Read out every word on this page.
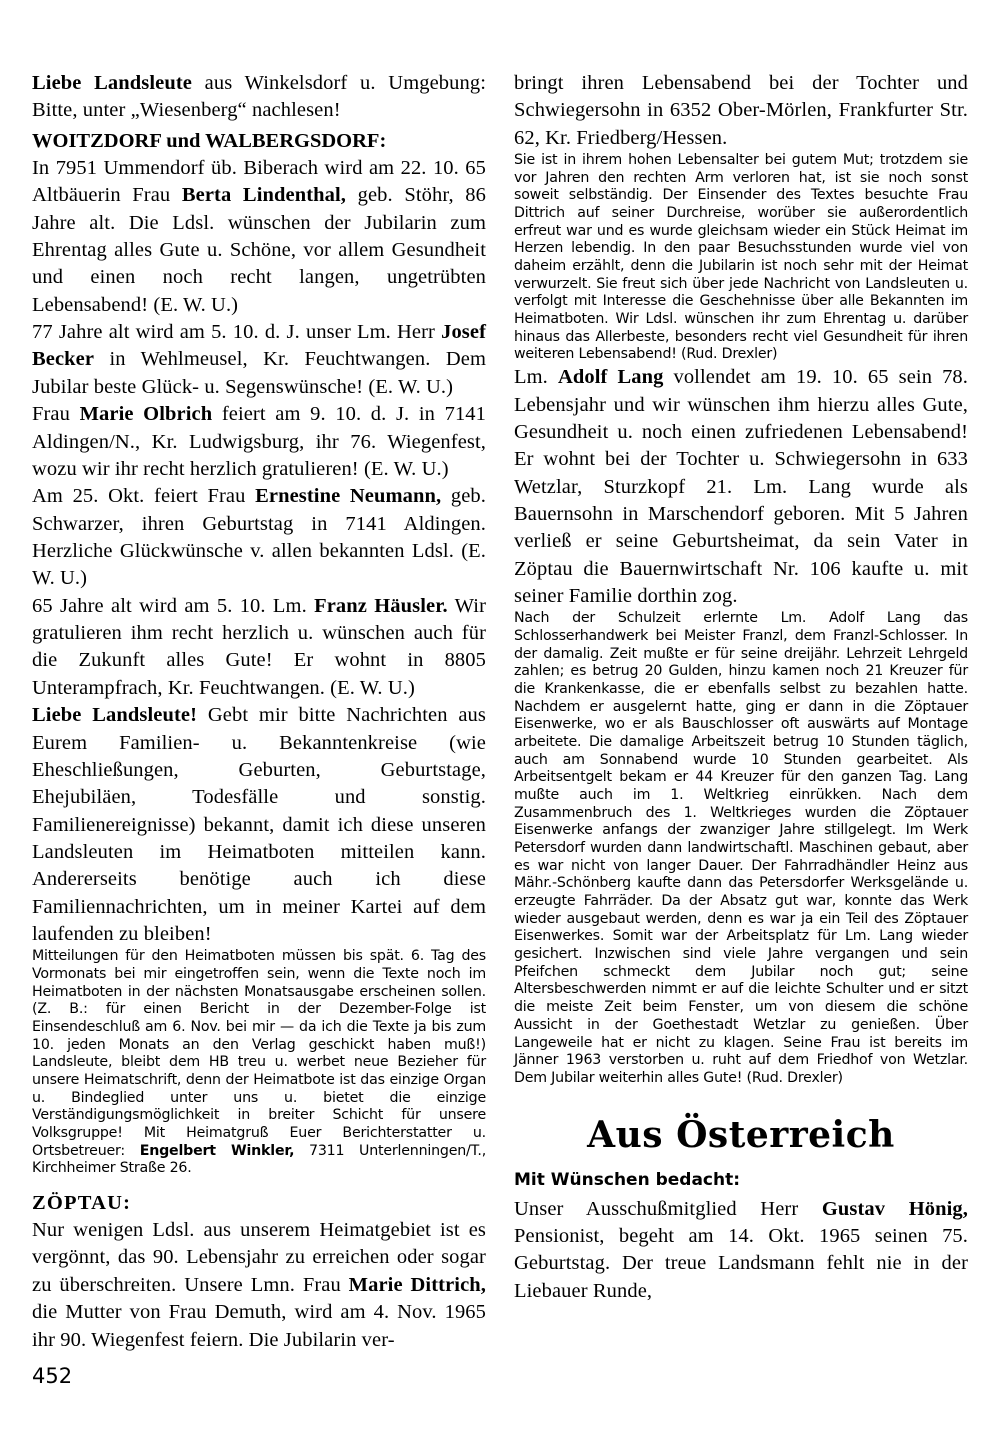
Liebe Landsleute aus Winkelsdorf u. Umgebung: Bitte, unter „Wiesenberg“ nachlesen!

WOITZDORF und WALBERGSDORF:

In 7951 Ummendorf üb. Biberach wird am 22. 10. 65 Altbäuerin Frau Berta Lindenthal, geb. Stöhr, 86 Jahre alt. Die Ldsl. wünschen der Jubilarin zum Ehrentag alles Gute u. Schöne, vor allem Gesundheit und einen noch recht langen, ungetrübten Lebensabend! (E. W. U.)

77 Jahre alt wird am 5. 10. d. J. unser Lm. Herr Josef Becker in Wehlmeusel, Kr. Feuchtwangen. Dem Jubilar beste Glück- u. Segenswünsche! (E. W. U.)

Frau Marie Olbrich feiert am 9. 10. d. J. in 7141 Aldingen/N., Kr. Ludwigsburg, ihr 76. Wiegenfest, wozu wir ihr recht herzlich gratulieren! (E. W. U.)

Am 25. Okt. feiert Frau Ernestine Neumann, geb. Schwarzer, ihren Geburtstag in 7141 Aldingen. Herzliche Glückwünsche v. allen bekannten Ldsl. (E. W. U.)

65 Jahre alt wird am 5. 10. Lm. Franz Häusler. Wir gratulieren ihm recht herzlich u. wünschen auch für die Zukunft alles Gute! Er wohnt in 8805 Unterampfrach, Kr. Feuchtwangen. (E. W. U.)

Liebe Landsleute! Gebt mir bitte Nachrichten aus Eurem Familien- u. Bekanntenkreise (wie Eheschließungen, Geburten, Geburtstage, Ehejubiläen, Todesfälle und sonstig. Familienereignisse) bekannt, damit ich diese unseren Landsleuten im Heimatboten mitteilen kann. Andererseits benötige auch ich diese Familiennachrichten, um in meiner Kartei auf dem laufenden zu bleiben!

Mitteilungen für den Heimatboten müssen bis spät. 6. Tag des Vormonats bei mir eingetroffen sein, wenn die Texte noch im Heimatboten in der nächsten Monatsausgabe erscheinen sollen. (Z. B.: für einen Bericht in der Dezember-Folge ist Einsendeschluß am 6. Nov. bei mir — da ich die Texte ja bis zum 10. jeden Monats an den Verlag geschickt haben muß!) Landsleute, bleibt dem HB treu u. werbet neue Bezieher für unsere Heimatschrift, denn der Heimatbote ist das einzige Organ u. Bindeglied unter uns u. bietet die einzige Verständigungsmöglichkeit in breiter Schicht für unsere Volksgruppe! Mit Heimatgruß Euer Berichterstatter u. Ortsbetreuer: Engelbert Winkler, 7311 Unterlenningen/T., Kirchheimer Straße 26.

ZÖPTAU:

Nur wenigen Ldsl. aus unserem Heimatgebiet ist es vergönnt, das 90. Lebensjahr zu erreichen oder sogar zu überschreiten. Unsere Lmn. Frau Marie Dittrich, die Mutter von Frau Demuth, wird am 4. Nov. 1965 ihr 90. Wiegenfest feiern. Die Jubilarin ver-

bringt ihren Lebensabend bei der Tochter und Schwiegersohn in 6352 Ober-Mörlen, Frankfurter Str. 62, Kr. Friedberg/Hessen.

Sie ist in ihrem hohen Lebensalter bei gutem Mut; trotzdem sie vor Jahren den rechten Arm verloren hat, ist sie noch sonst soweit selbständig. Der Einsender des Textes besuchte Frau Dittrich auf seiner Durchreise, worüber sie außerordentlich erfreut war und es wurde gleichsam wieder ein Stück Heimat im Herzen lebendig. In den paar Besuchsstunden wurde viel von daheim erzählt, denn die Jubilarin ist noch sehr mit der Heimat verwurzelt. Sie freut sich über jede Nachricht von Landsleuten u. verfolgt mit Interesse die Geschehnisse über alle Bekannten im Heimatboten. Wir Ldsl. wünschen ihr zum Ehrentag u. darüber hinaus das Allerbeste, besonders recht viel Gesundheit für ihren weiteren Lebensabend! (Rud. Drexler)

Lm. Adolf Lang vollendet am 19. 10. 65 sein 78. Lebensjahr und wir wünschen ihm hierzu alles Gute, Gesundheit u. noch einen zufriedenen Lebensabend! Er wohnt bei der Tochter u. Schwiegersohn in 633 Wetzlar, Sturzkopf 21. Lm. Lang wurde als Bauernsohn in Marschendorf geboren. Mit 5 Jahren verließ er seine Geburtsheimat, da sein Vater in Zöptau die Bauernwirtschaft Nr. 106 kaufte u. mit seiner Familie dorthin zog.

Nach der Schulzeit erlernte Lm. Adolf Lang das Schlosserhandwerk bei Meister Franzl, dem Franzl-Schlosser. In der damalig. Zeit mußte er für seine dreijähr. Lehrzeit Lehrgeld zahlen; es betrug 20 Gulden, hinzu kamen noch 21 Kreuzer für die Krankenkasse, die er ebenfalls selbst zu bezahlen hatte. Nachdem er ausgelernt hatte, ging er dann in die Zöptauer Eisenwerke, wo er als Bauschlosser oft auswärts auf Montage arbeitete. Die damalige Arbeitszeit betrug 10 Stunden täglich, auch am Sonnabend wurde 10 Stunden gearbeitet. Als Arbeitsentgelt bekam er 44 Kreuzer für den ganzen Tag. Lang mußte auch im 1. Weltkrieg einrükken. Nach dem Zusammenbruch des 1. Weltkrieges wurden die Zöptauer Eisenwerke anfangs der zwanziger Jahre stillgelegt. Im Werk Petersdorf wurden dann landwirtschaftl. Maschinen gebaut, aber es war nicht von langer Dauer. Der Fahrradhändler Heinz aus Mähr.-Schönberg kaufte dann das Petersdorfer Werksgelände u. erzeugte Fahrräder. Da der Absatz gut war, konnte das Werk wieder ausgebaut werden, denn es war ja ein Teil des Zöptauer Eisenwerkes. Somit war der Arbeitsplatz für Lm. Lang wieder gesichert. Inzwischen sind viele Jahre vergangen und sein Pfeifchen schmeckt dem Jubilar noch gut; seine Altersbeschwerden nimmt er auf die leichte Schulter und er sitzt die meiste Zeit beim Fenster, um von diesem die schöne Aussicht in der Goethestadt Wetzlar zu genießen. Über Langeweile hat er nicht zu klagen. Seine Frau ist bereits im Jänner 1963 verstorben u. ruht auf dem Friedhof von Wetzlar. Dem Jubilar weiterhin alles Gute! (Rud. Drexler)

Aus Österreich

Mit Wünschen bedacht:

Unser Ausschußmitglied Herr Gustav Hönig, Pensionist, begeht am 14. Okt. 1965 seinen 75. Geburtstag. Der treue Landsmann fehlt nie in der Liebauer Runde,

452
